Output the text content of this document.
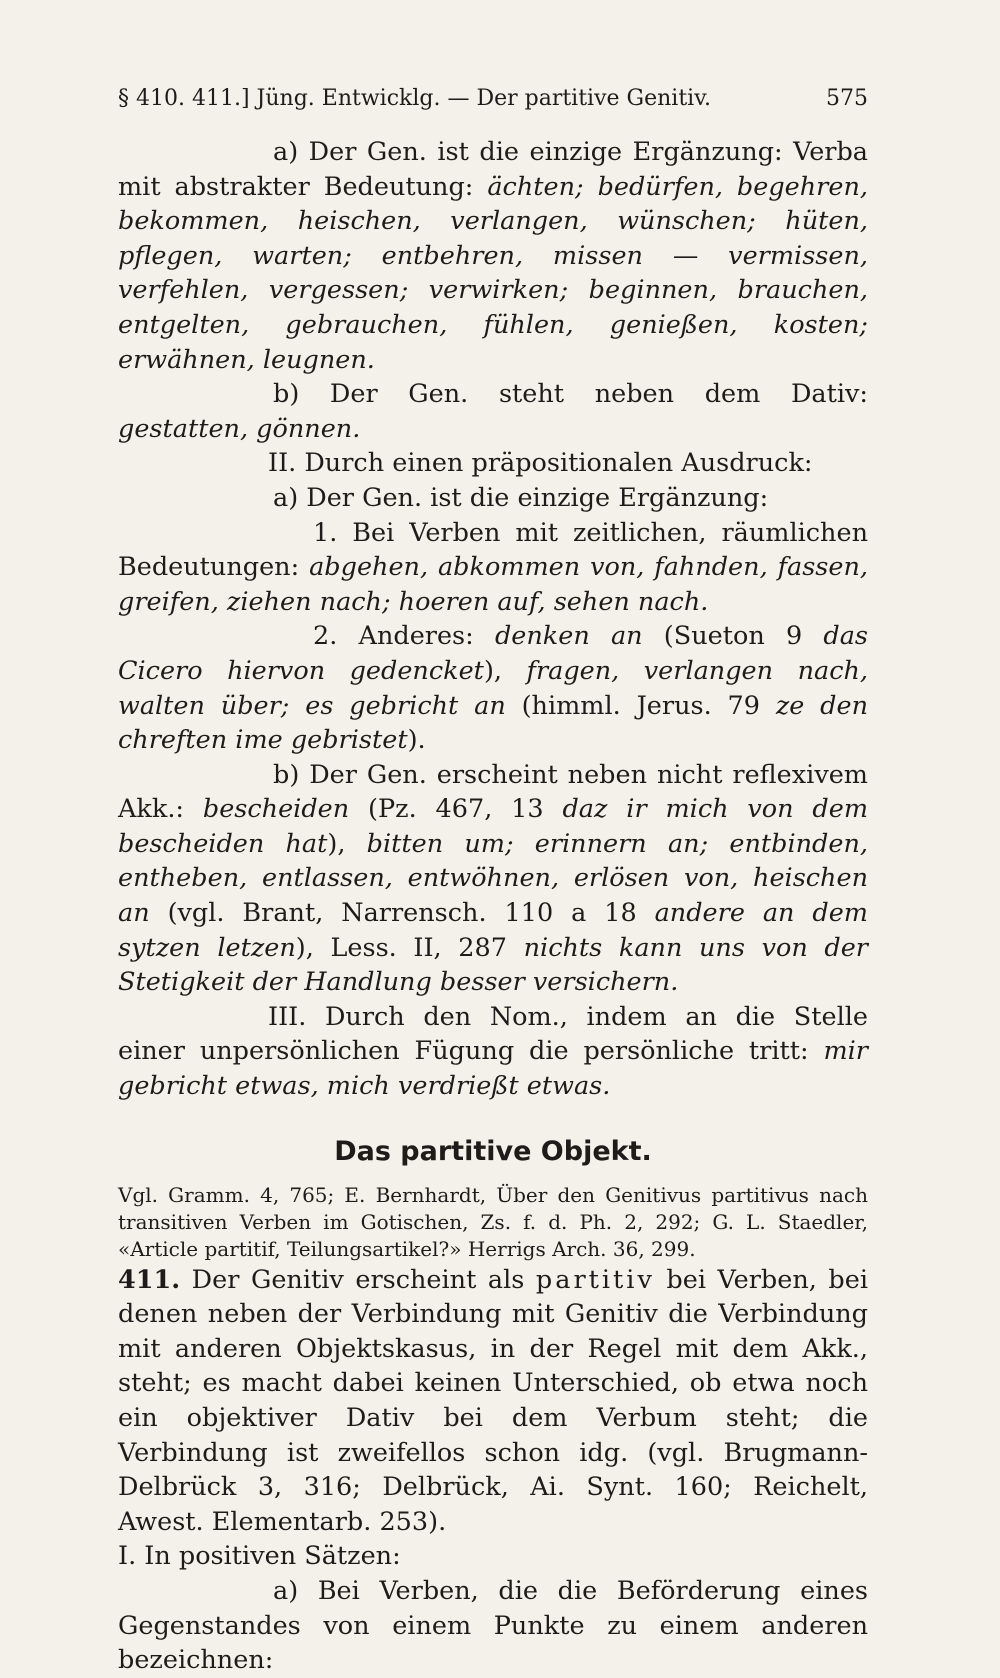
§ 410. 411.] Jüng. Entwicklg. — Der partitive Genitiv.	575

a) Der Gen. ist die einzige Ergänzung: Verba mit abstrakter Bedeutung: ächten; bedürfen, begehren, bekommen, heischen, verlangen, wünschen; hüten, pflegen, warten; entbehren, missen — vermissen, verfehlen, vergessen; verwirken; beginnen, brauchen, entgelten, gebrauchen, fühlen, genießen, kosten; erwähnen, leugnen.

b) Der Gen. steht neben dem Dativ: gestatten, gönnen.

II. Durch einen präpositionalen Ausdruck:

a) Der Gen. ist die einzige Ergänzung:

1. Bei Verben mit zeitlichen, räumlichen Bedeutungen: abgehen, abkommen von, fahnden, fassen, greifen, ziehen nach; hoeren auf, sehen nach.

2. Anderes: denken an (Sueton 9 das Cicero hiervon gedencket), fragen, verlangen nach, walten über; es gebricht an (himml. Jerus. 79 ze den chreften ime gebristet).

b) Der Gen. erscheint neben nicht reflexivem Akk.: bescheiden (Pz. 467, 13 daz ir mich von dem bescheiden hat), bitten um; erinnern an; entbinden, entheben, entlassen, entwöhnen, erlösen von, heischen an (vgl. Brant, Narrensch. 110 a 18 andere an dem sytzen letzen), Less. II, 287 nichts kann uns von der Stetigkeit der Handlung besser versichern.

III. Durch den Nom., indem an die Stelle einer unpersönlichen Fügung die persönliche tritt: mir gebricht etwas, mich verdrießt etwas.

Das partitive Objekt.

Vgl. Gramm. 4, 765; E. Bernhardt, Über den Genitivus partitivus nach transitiven Verben im Gotischen, Zs. f. d. Ph. 2, 292; G. L. Staedler, «Article partitif, Teilungsartikel?» Herrigs Arch. 36, 299.

411. Der Genitiv erscheint als partitiv bei Verben, bei denen neben der Verbindung mit Genitiv die Verbindung mit anderen Objektskasus, in der Regel mit dem Akk., steht; es macht dabei keinen Unterschied, ob etwa noch ein objektiver Dativ bei dem Verbum steht; die Verbindung ist zweifellos schon idg. (vgl. Brugmann-Delbrück 3, 316; Delbrück, Ai. Synt. 160; Reichelt, Awest. Elementarb. 253).

I. In positiven Sätzen:

a) Bei Verben, die die Beförderung eines Gegenstandes von einem Punkte zu einem anderen bezeichnen:
